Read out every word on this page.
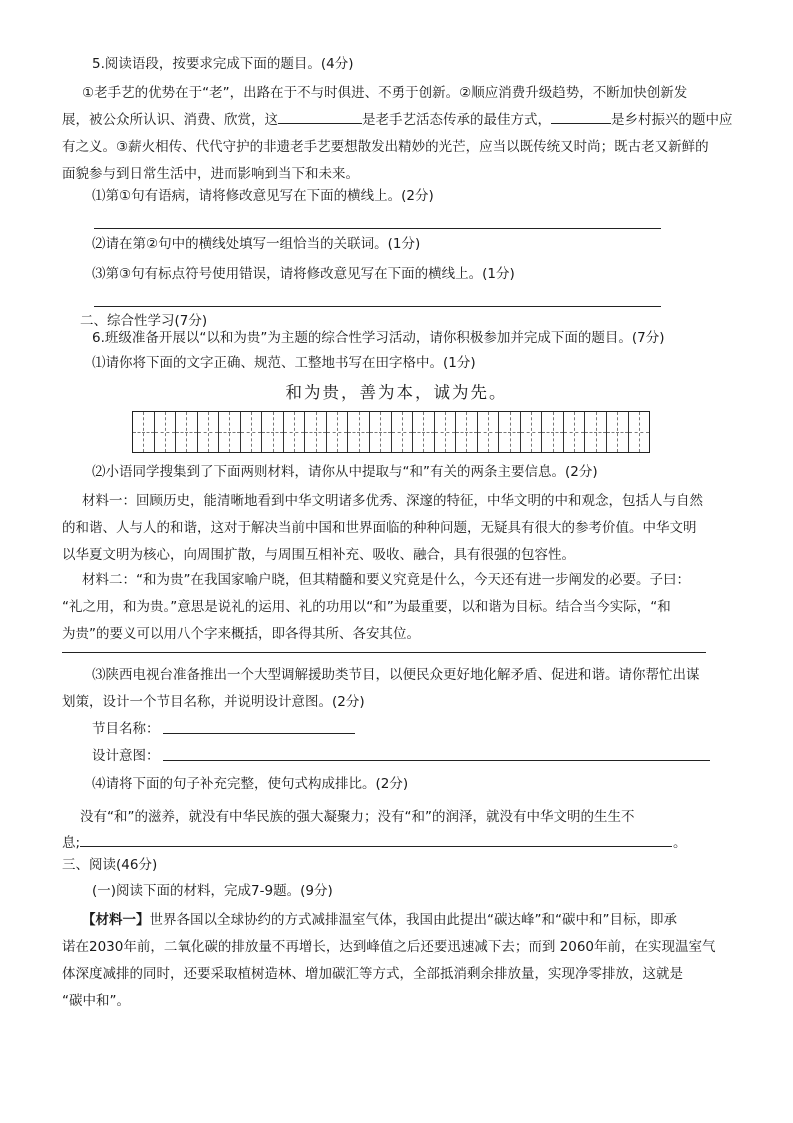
5.阅读语段，按要求完成下面的题目。(4分)
①老手艺的优势在于“老”，出路在于不与时俱进、不勇于创新。②顺应消费升级趋势，不断加快创新发
展，被公众所认识、消费、欣赏，这	是老手艺活态传承的最佳方式，	是乡村振兴的题中应
有之义。③薪火相传、代代守护的非遗老手艺要想散发出精妙的光芒，应当以既传统又时尚；既古老又新鲜的
面貌参与到日常生活中，进而影响到当下和未来。
⑴第①句有语病，请将修改意见写在下面的横线上。(2分)
⑵请在第②句中的横线处填写一组恰当的关联词。(1分)
⑶第③句有标点符号使用错误，请将修改意见写在下面的横线上。(1分)
二、综合性学习(7分)
6.班级准备开展以“以和为贵”为主题的综合性学习活动，请你积极参加并完成下面的题目。(7分)
⑴请你将下面的文字正确、规范、工整地书写在田字格中。(1分)
和为贵，善为本，诚为先。
⑵小语同学搜集到了下面两则材料，请你从中提取与“和”有关的两条主要信息。(2分)
材料一：回顾历史，能清晰地看到中华文明诸多优秀、深邃的特征，中华文明的中和观念，包括人与自然
的和谐、人与人的和谐，这对于解决当前中国和世界面临的种种问题，无疑具有很大的参考价值。中华文明
以华夏文明为核心，向周围扩散，与周围互相补充、吸收、融合，具有很强的包容性。
材料二：“和为贵”在我国家喻户晓，但其精髓和要义究竟是什么，今天还有进一步阐发的必要。子曰：
“礼之用，和为贵。”意思是说礼的运用、礼的功用以“和”为最重要，以和谐为目标。结合当今实际，“和
为贵”的要义可以用八个字来概括，即各得其所、各安其位。
⑶陕西电视台准备推出一个大型调解援助类节目，以便民众更好地化解矛盾、促进和谐。请你帮忙出谋
划策，设计一个节目名称，并说明设计意图。(2分)
节目名称：
设计意图：
⑷请将下面的句子补充完整，使句式构成排比。(2分)
没有“和”的滋养，就没有中华民族的强大凝聚力；没有“和”的润泽，就没有中华文明的生生不
息;	。
三、阅读(46分)
(一)阅读下面的材料，完成7-9题。(9分)
【材料一】世界各国以全球协约的方式减排温室气体，我国由此提出“碳达峰”和“碳中和”目标，即承
诺在2030年前，二氧化碳的排放量不再增长，达到峰值之后还要迅速减下去；而到 2060年前，在实现温室气
体深度减排的同时，还要采取植树造林、增加碳汇等方式，全部抵消剩余排放量，实现净零排放，这就是
“碳中和”。
